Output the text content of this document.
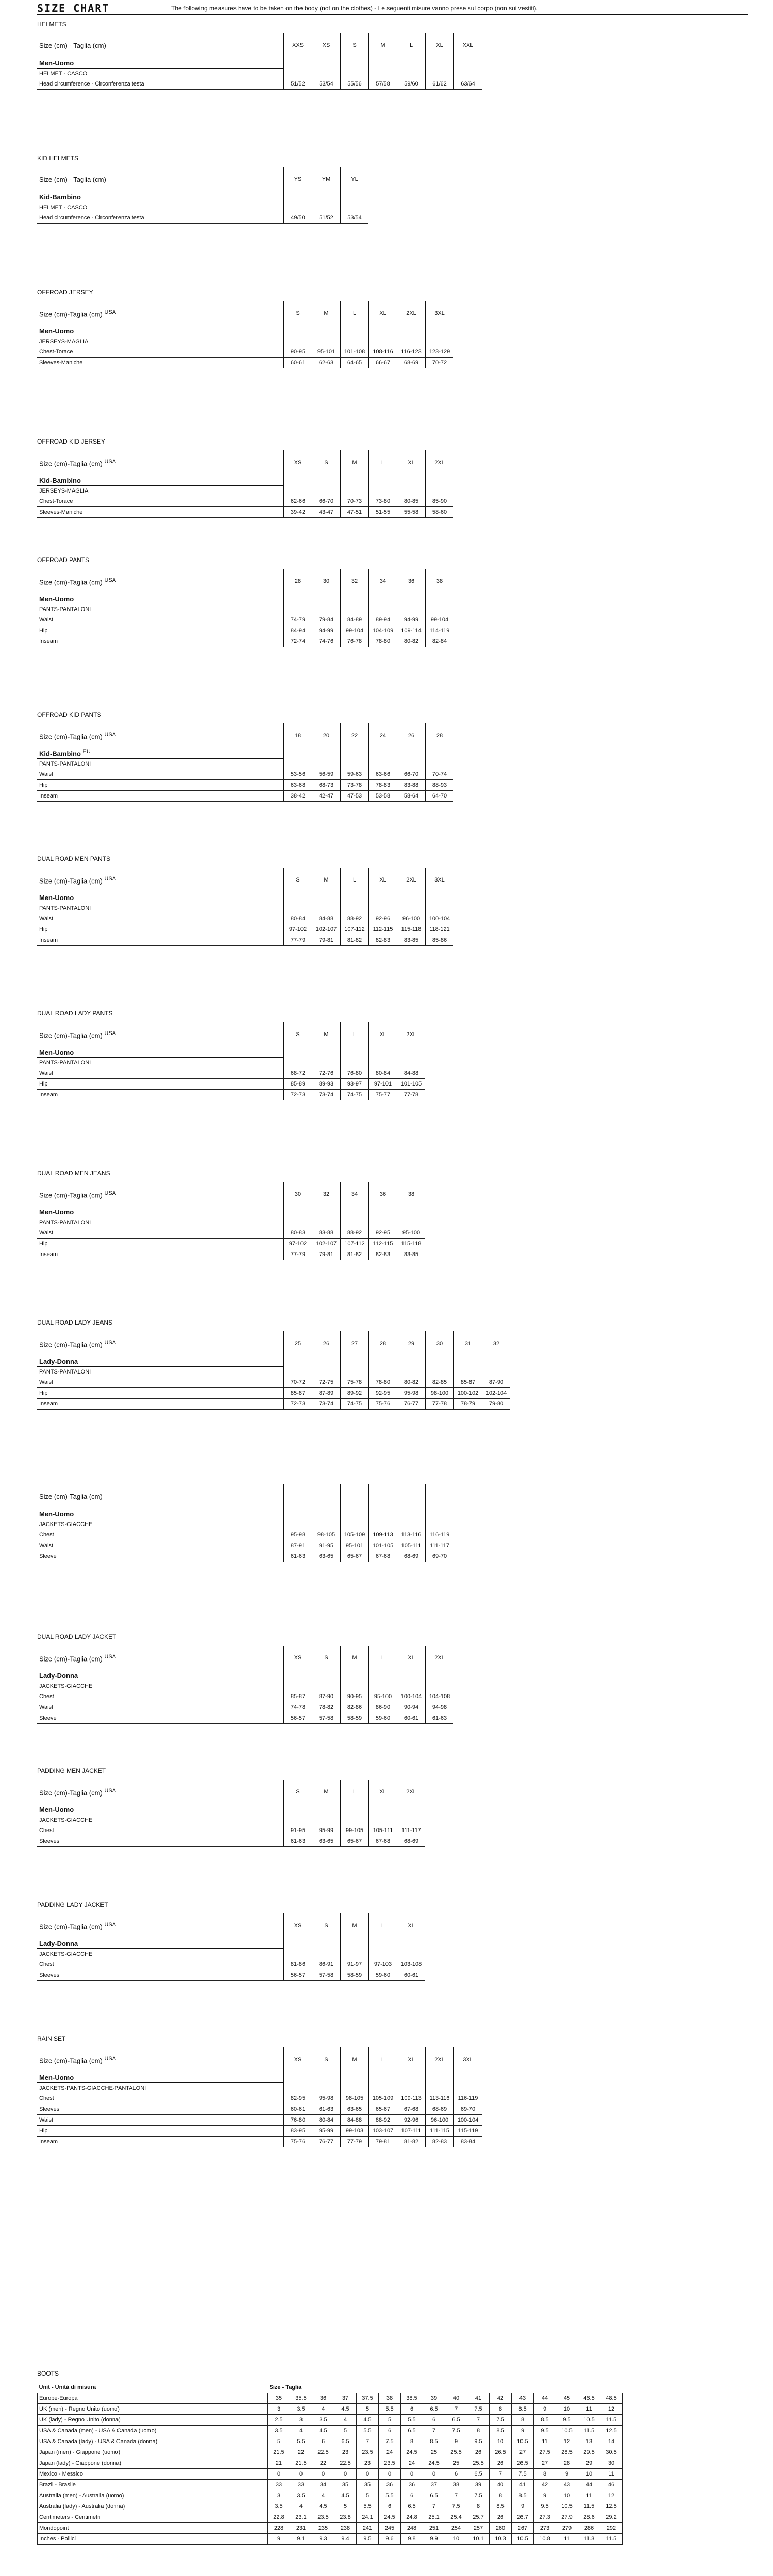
SIZE CHART	The following measures have to be taken on the body (not on the clothes) - Le seguenti misure vanno prese sul corpo (non sui vestiti).
HELMETS
Size (cm) - Taglia (cm)	XXS	XS	S	M	L	XL	XXL
Men-Uomo							
HELMET - CASCO							
Head circumference - Circonferenza testa	51/52	53/54	55/56	57/58	59/60	61/62	63/64
KID HELMETS
Size (cm) - Taglia (cm)	YS	YM	YL
Kid-Bambino			
HELMET - CASCO			
Head circumference - Circonferenza testa	49/50	51/52	53/54
OFFROAD JERSEY
Size (cm)-Taglia (cm) $^{USA}$	S	M	L	XL	2XL	3XL
Men-Uomo						
JERSEYS-MAGLIA						
Chest-Torace	90-95	95-101	101-108	108-116	116-123	123-129
Sleeves-Maniche	60-61	62-63	64-65	66-67	68-69	70-72
OFFROAD KID JERSEY
Size (cm)-Taglia (cm) $^{USA}$	XS	S	M	L	XL	2XL
Kid-Bambino						
JERSEYS-MAGLIA						
Chest-Torace	62-66	66-70	70-73	73-80	80-85	85-90
Sleeves-Maniche	39-42	43-47	47-51	51-55	55-58	58-60
OFFROAD PANTS
Size (cm)-Taglia (cm) $^{USA}$	28	30	32	34	36	38
Men-Uomo						
PANTS-PANTALONI						
Waist	74-79	79-84	84-89	89-94	94-99	99-104
Hip	84-94	94-99	99-104	104-109	109-114	114-119
Inseam	72-74	74-76	76-78	78-80	80-82	82-84
OFFROAD KID PANTS
Size (cm)-Taglia (cm) $^{USA}$	18	20	22	24	26	28
Kid-Bambino $^{EU}$						
PANTS-PANTALONI						
Waist	53-56	56-59	59-63	63-66	66-70	70-74
Hip	63-68	68-73	73-78	78-83	83-88	88-93
Inseam	38-42	42-47	47-53	53-58	58-64	64-70
DUAL ROAD MEN PANTS
Size (cm)-Taglia (cm) $^{USA}$	S	M	L	XL	2XL	3XL
Men-Uomo						
PANTS-PANTALONI						
Waist	80-84	84-88	88-92	92-96	96-100	100-104
Hip	97-102	102-107	107-112	112-115	115-118	118-121
Inseam	77-79	79-81	81-82	82-83	83-85	85-86
DUAL ROAD LADY PANTS
Size (cm)-Taglia (cm) $^{USA}$	S	M	L	XL	2XL
Men-Uomo					
PANTS-PANTALONI					
Waist	68-72	72-76	76-80	80-84	84-88
Hip	85-89	89-93	93-97	97-101	101-105
Inseam	72-73	73-74	74-75	75-77	77-78
DUAL ROAD MEN JEANS
Size (cm)-Taglia (cm) $^{USA}$	30	32	34	36	38
Men-Uomo					
PANTS-PANTALONI					
Waist	80-83	83-88	88-92	92-95	95-100
Hip	97-102	102-107	107-112	112-115	115-118
Inseam	77-79	79-81	81-82	82-83	83-85
DUAL ROAD LADY JEANS
Size (cm)-Taglia (cm) $^{USA}$	25	26	27	28	29	30	31	32
Lady-Donna								
PANTS-PANTALONI								
Waist	70-72	72-75	75-78	78-80	80-82	82-85	85-87	87-90
Hip	85-87	87-89	89-92	92-95	95-98	98-100	100-102	102-104
Inseam	72-73	73-74	74-75	75-76	76-77	77-78	78-79	79-80
Size (cm)-Taglia (cm)						
Men-Uomo						
JACKETS-GIACCHE						
Chest	95-98	98-105	105-109	109-113	113-116	116-119
Waist	87-91	91-95	95-101	101-105	105-111	111-117
Sleeve	61-63	63-65	65-67	67-68	68-69	69-70
DUAL ROAD LADY JACKET
Size (cm)-Taglia (cm) $^{USA}$	XS	S	M	L	XL	2XL
Lady-Donna						
JACKETS-GIACCHE						
Chest	85-87	87-90	90-95	95-100	100-104	104-108
Waist	74-78	78-82	82-86	86-90	90-94	94-98
Sleeve	56-57	57-58	58-59	59-60	60-61	61-63
PADDING MEN JACKET
Size (cm)-Taglia (cm) $^{USA}$	S	M	L	XL	2XL
Men-Uomo					
JACKETS-GIACCHE					
Chest	91-95	95-99	99-105	105-111	111-117
Sleeves	61-63	63-65	65-67	67-68	68-69
PADDING LADY JACKET
Size (cm)-Taglia (cm) $^{USA}$	XS	S	M	L	XL
Lady-Donna					
JACKETS-GIACCHE					
Chest	81-86	86-91	91-97	97-103	103-108
Sleeves	56-57	57-58	58-59	59-60	60-61
RAIN SET
Size (cm)-Taglia (cm) $^{USA}$	XS	S	M	L	XL	2XL	3XL
Men-Uomo							
JACKETS-PANTS-GIACCHE-PANTALONI							
Chest	82-95	95-98	98-105	105-109	109-113	113-116	116-119
Sleeves	60-61	61-63	63-65	65-67	67-68	68-69	69-70
Waist	76-80	80-84	84-88	88-92	92-96	96-100	100-104
Hip	83-95	95-99	99-103	103-107	107-111	111-115	115-119
Inseam	75-76	76-77	77-79	79-81	81-82	82-83	83-84
BOOTS
Unit - Unità di misura	Size - Taglia															
Europe-Europa	35	35.5	36	37	37.5	38	38.5	39	40	41	42	43	44	45	46.5	48.5
UK (men) - Regno Unito (uomo)	3	3.5	4	4.5	5	5.5	6	6.5	7	7.5	8	8.5	9	10	11	12
UK (lady) - Regno Unito (donna)	2.5	3	3.5	4	4.5	5	5.5	6	6.5	7	7.5	8	8.5	9.5	10.5	11.5
USA & Canada (men) - USA & Canada (uomo)	3.5	4	4.5	5	5.5	6	6.5	7	7.5	8	8.5	9	9.5	10.5	11.5	12.5
USA & Canada (lady) - USA & Canada (donna)	5	5.5	6	6.5	7	7.5	8	8.5	9	9.5	10	10.5	11	12	13	14
Japan (men) - Giappone (uomo)	21.5	22	22.5	23	23.5	24	24.5	25	25.5	26	26.5	27	27.5	28.5	29.5	30.5
Japan (lady) - Giappone (donna)	21	21.5	22	22.5	23	23.5	24	24.5	25	25.5	26	26.5	27	28	29	30
Mexico - Messico	0	0	0	0	0	0	0	0	6	6.5	7	7.5	8	9	10	11
Brazil - Brasile	33	33	34	35	35	36	36	37	38	39	40	41	42	43	44	46
Australia (men) - Australia (uomo)	3	3.5	4	4.5	5	5.5	6	6.5	7	7.5	8	8.5	9	10	11	12
Australia (lady) - Australia (donna)	3.5	4	4.5	5	5.5	6	6.5	7	7.5	8	8.5	9	9.5	10.5	11.5	12.5
Centimeters - Centimetri	22.8	23.1	23.5	23.8	24.1	24.5	24.8	25.1	25.4	25.7	26	26.7	27.3	27.9	28.6	29.2
Mondopoint	228	231	235	238	241	245	248	251	254	257	260	267	273	279	286	292
Inches - Pollici	9	9.1	9.3	9.4	9.5	9.6	9.8	9.9	10	10.1	10.3	10.5	10.8	11	11.3	11.5
